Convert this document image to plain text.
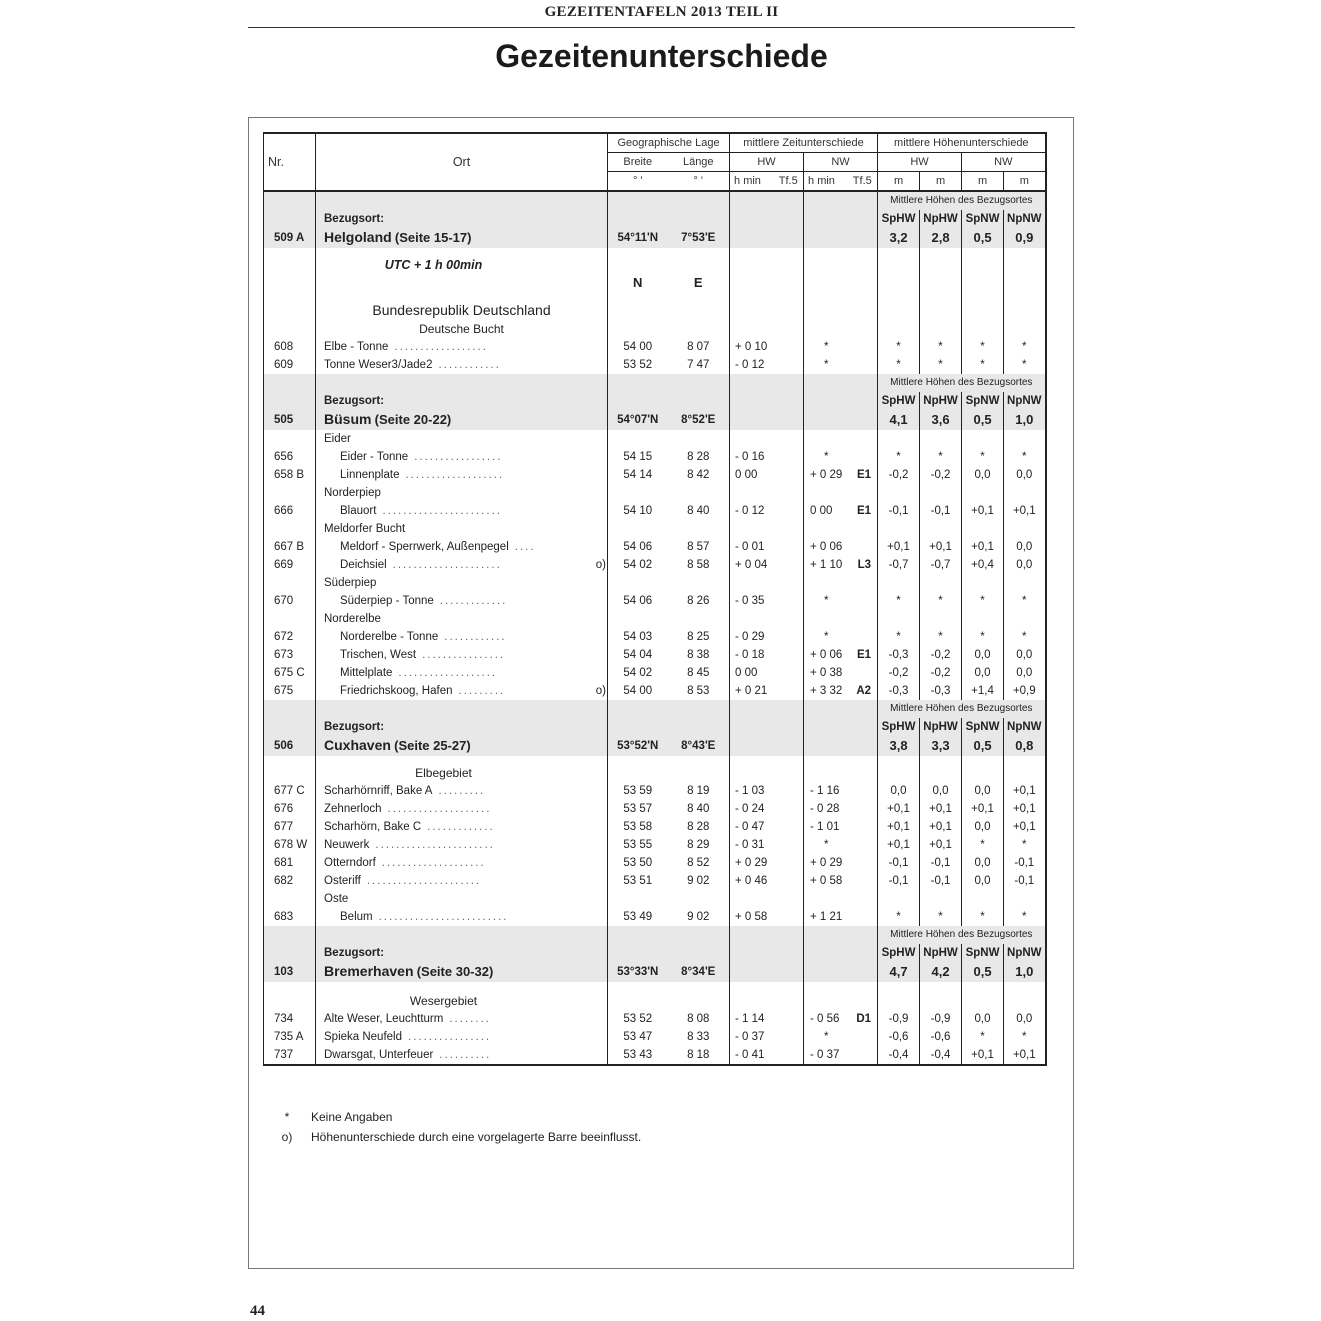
GEZEITENTAFELN 2013 TEIL II
Gezeitenunterschiede
Nr.	Ort	Geographische Lage		mittlere Zeitunterschiede				mittlere Höhenunterschiede			
		Breite	Länge	HW		NW		HW		NW	
		° '	° '	h min	Tf.5	h min	Tf.5	m	m	m	m
								Mittlere Höhen des Bezugsortes			
	Bezugsort:							SpHW	NpHW	SpNW	NpNW
509 A	Helgoland (Seite 15-17)	54°11'N	7°53'E					3,2	2,8	0,5	0,9

	UTC + 1 h 00min										
		N	E								

	Bundesrepublik Deutschland										
	Deutsche Bucht										
608	Elbe - Tonne ..................	54 00	8 07	+ 0 10		*		*	*	*	*
609	Tonne Weser3/Jade2 ............	53 52	7 47	- 0 12		*		*	*	*	*
								Mittlere Höhen des Bezugsortes			
	Bezugsort:							SpHW	NpHW	SpNW	NpNW
505	Büsum (Seite 20-22)	54°07'N	8°52'E					4,1	3,6	0,5	1,0
	Eider										
656	Eider - Tonne .................	54 15	8 28	- 0 16		*		*	*	*	*
658 B	Linnenplate ...................	54 14	8 42	0 00		+ 0 29 E1		-0,2	-0,2	0,0	0,0
	Norderpiep										
666	Blauort .......................	54 10	8 40	- 0 12		0 00 E1		-0,1	-0,1	+0,1	+0,1
	Meldorfer Bucht										
667 B	Meldorf - Sperrwerk, Außenpegel ....	54 06	8 57	- 0 01		+ 0 06		+0,1	+0,1	+0,1	0,0
669	Deichsiel ..................... o)	54 02	8 58	+ 0 04		+ 1 10 L3		-0,7	-0,7	+0,4	0,0
	Süderpiep										
670	Süderpiep - Tonne .............	54 06	8 26	- 0 35		*		*	*	*	*
	Norderelbe										
672	Norderelbe - Tonne ............	54 03	8 25	- 0 29		*		*	*	*	*
673	Trischen, West ................	54 04	8 38	- 0 18		+ 0 06 E1		-0,3	-0,2	0,0	0,0
675 C	Mittelplate ...................	54 02	8 45	0 00		+ 0 38		-0,2	-0,2	0,0	0,0
675	Friedrichskoog, Hafen ......... o)	54 00	8 53	+ 0 21		+ 3 32 A2		-0,3	-0,3	+1,4	+0,9
								Mittlere Höhen des Bezugsortes			
	Bezugsort:							SpHW	NpHW	SpNW	NpNW
506	Cuxhaven (Seite 25-27)	53°52'N	8°43'E					3,8	3,3	0,5	0,8

	Elbegebiet										
677 C	Scharhörnriff, Bake A .........	53 59	8 19	- 1 03		- 1 16		0,0	0,0	0,0	+0,1
676	Zehnerloch ....................	53 57	8 40	- 0 24		- 0 28		+0,1	+0,1	+0,1	+0,1
677	Scharhörn, Bake C .............	53 58	8 28	- 0 47		- 1 01		+0,1	+0,1	0,0	+0,1
678 W	Neuwerk .......................	53 55	8 29	- 0 31		*		+0,1	+0,1	*	*
681	Otterndorf ....................	53 50	8 52	+ 0 29		+ 0 29		-0,1	-0,1	0,0	-0,1
682	Osteriff ......................	53 51	9 02	+ 0 46		+ 0 58		-0,1	-0,1	0,0	-0,1
	Oste										
683	Belum .........................	53 49	9 02	+ 0 58		+ 1 21		*	*	*	*
								Mittlere Höhen des Bezugsortes			
	Bezugsort:							SpHW	NpHW	SpNW	NpNW
103	Bremerhaven (Seite 30-32)	53°33'N	8°34'E					4,7	4,2	0,5	1,0

	Wesergebiet										
734	Alte Weser, Leuchtturm ........	53 52	8 08	- 1 14		- 0 56 D1		-0,9	-0,9	0,0	0,0
735 A	Spieka Neufeld ................	53 47	8 33	- 0 37		*		-0,6	-0,6	*	*
737	Dwarsgat, Unterfeuer ..........	53 43	8 18	- 0 41		- 0 37		-0,4	-0,4	+0,1	+0,1
* Keine Angaben
o) Höhenunterschiede durch eine vorgelagerte Barre beeinflusst.
44
